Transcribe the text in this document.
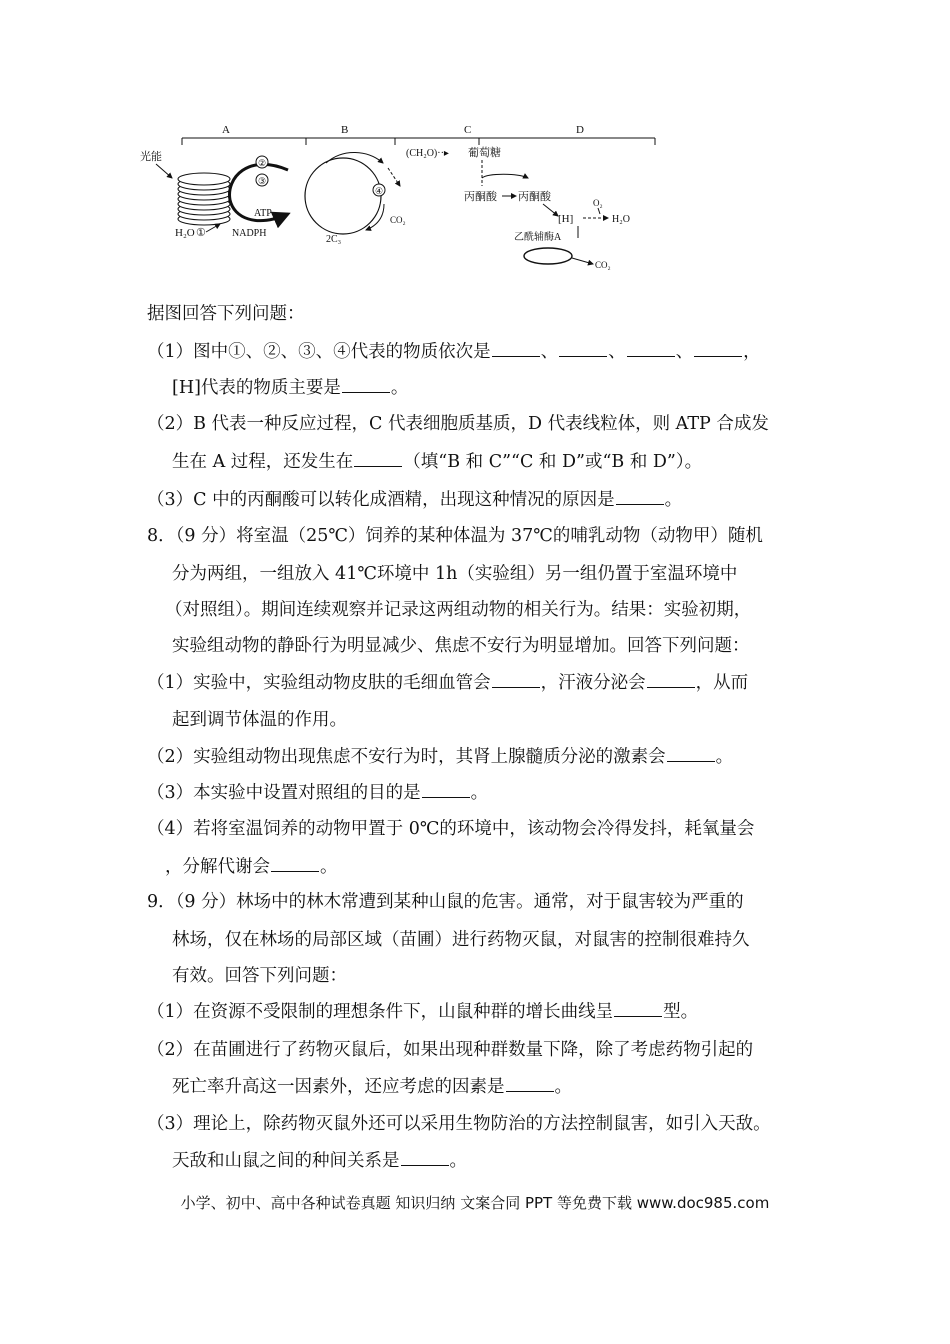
A	B	C	D
光能
H₂O ①
②
③
ATP
NADPH
④
CO₂
2C₃
(CH₂O)··▸ 葡萄糖
丙酮酸 丙酮酸
[H]
O₂
H₂O
乙酰辅酶A
CO₂
据图回答下列问题：
（1）图中①、②、③、④代表的物质依次是	、	、	、	，
[H]代表的物质主要是	。
（2）B 代表一种反应过程，C 代表细胞质基质，D 代表线粒体，则 ATP 合成发
生在 A 过程，还发生在	（填“B 和 C”“C 和 D”或“B 和 D”）。
（3）C 中的丙酮酸可以转化成酒精，出现这种情况的原因是	。
8．（9 分）将室温（25℃）饲养的某种体温为 37℃的哺乳动物（动物甲）随机
分为两组，一组放入 41℃环境中 1h（实验组）另一组仍置于室温环境中
（对照组）。期间连续观察并记录这两组动物的相关行为。结果：实验初期，
实验组动物的静卧行为明显减少、焦虑不安行为明显增加。回答下列问题：
（1）实验中，实验组动物皮肤的毛细血管会	，汗液分泌会	，从而
起到调节体温的作用。
（2）实验组动物出现焦虑不安行为时，其肾上腺髓质分泌的激素会	。
（3）本实验中设置对照组的目的是	。
（4）若将室温饲养的动物甲置于 0℃的环境中，该动物会冷得发抖，耗氧量会
，分解代谢会	。
9．（9 分）林场中的林木常遭到某种山鼠的危害。通常，对于鼠害较为严重的
林场，仅在林场的局部区域（苗圃）进行药物灭鼠，对鼠害的控制很难持久
有效。回答下列问题：
（1）在资源不受限制的理想条件下，山鼠种群的增长曲线呈	型。
（2）在苗圃进行了药物灭鼠后，如果出现种群数量下降，除了考虑药物引起的
死亡率升高这一因素外，还应考虑的因素是	。
（3）理论上，除药物灭鼠外还可以采用生物防治的方法控制鼠害，如引入天敌。
天敌和山鼠之间的种间关系是	。
小学、初中、高中各种试卷真题 知识归纳 文案合同 PPT 等免费下载 www.doc985.com
